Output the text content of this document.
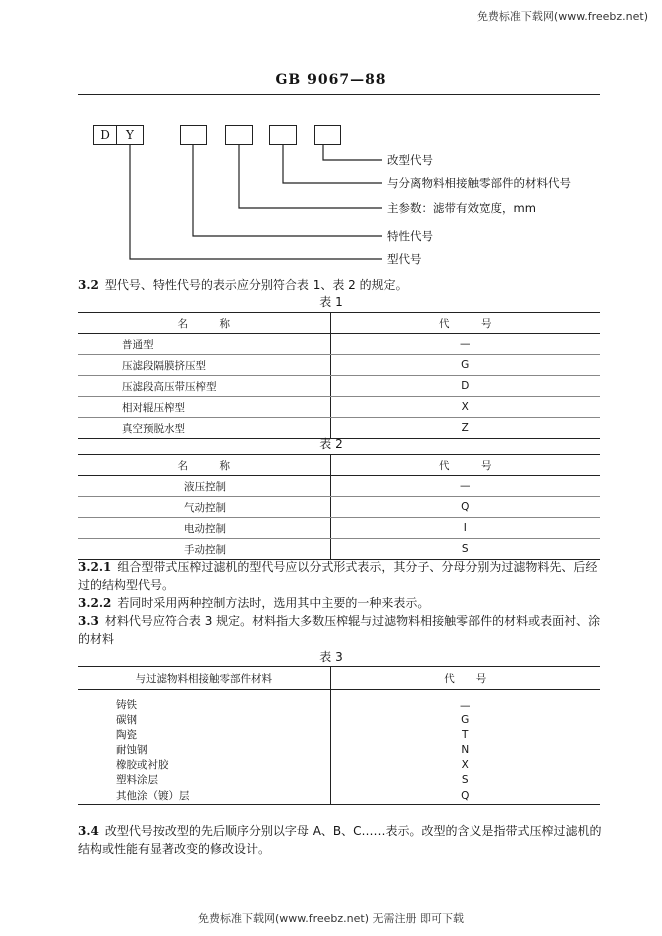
免费标准下载网(www.freebz.net)
GB 9067—88
D	Y
改型代号
与分离物料相接触零部件的材料代号
主参数：滤带有效宽度，mm
特性代号
型代号
3.2 型代号、特性代号的表示应分别符合表 1、表 2 的规定。
表 1
名　　　称	代　　　号
普通型	—
压滤段隔膜挤压型	G
压滤段高压带压榨型	D
相对辊压榨型	X
真空预脱水型	Z
表 2
名　　　称	代　　　号
液压控制	—
气动控制	Q
电动控制	I
手动控制	S
3.2.1 组合型带式压榨过滤机的型代号应以分式形式表示，其分子、分母分别为过滤物料先、后经过的结构型代号。
3.2.2 若同时采用两种控制方法时，选用其中主要的一种来表示。
3.3 材料代号应符合表 3 规定。材料指大多数压榨辊与过滤物料相接触零部件的材料或表面衬、涂的材料
表 3
与过滤物料相接触零部件材料	代　　号
铸铁	—
碳钢	G
陶瓷	T
耐蚀钢	N
橡胶或衬胶	X
塑料涂层	S
其他涂（镀）层	Q
3.4 改型代号按改型的先后顺序分别以字母 A、B、C……表示。改型的含义是指带式压榨过滤机的结构或性能有显著改变的修改设计。
免费标准下载网(www.freebz.net) 无需注册 即可下载
